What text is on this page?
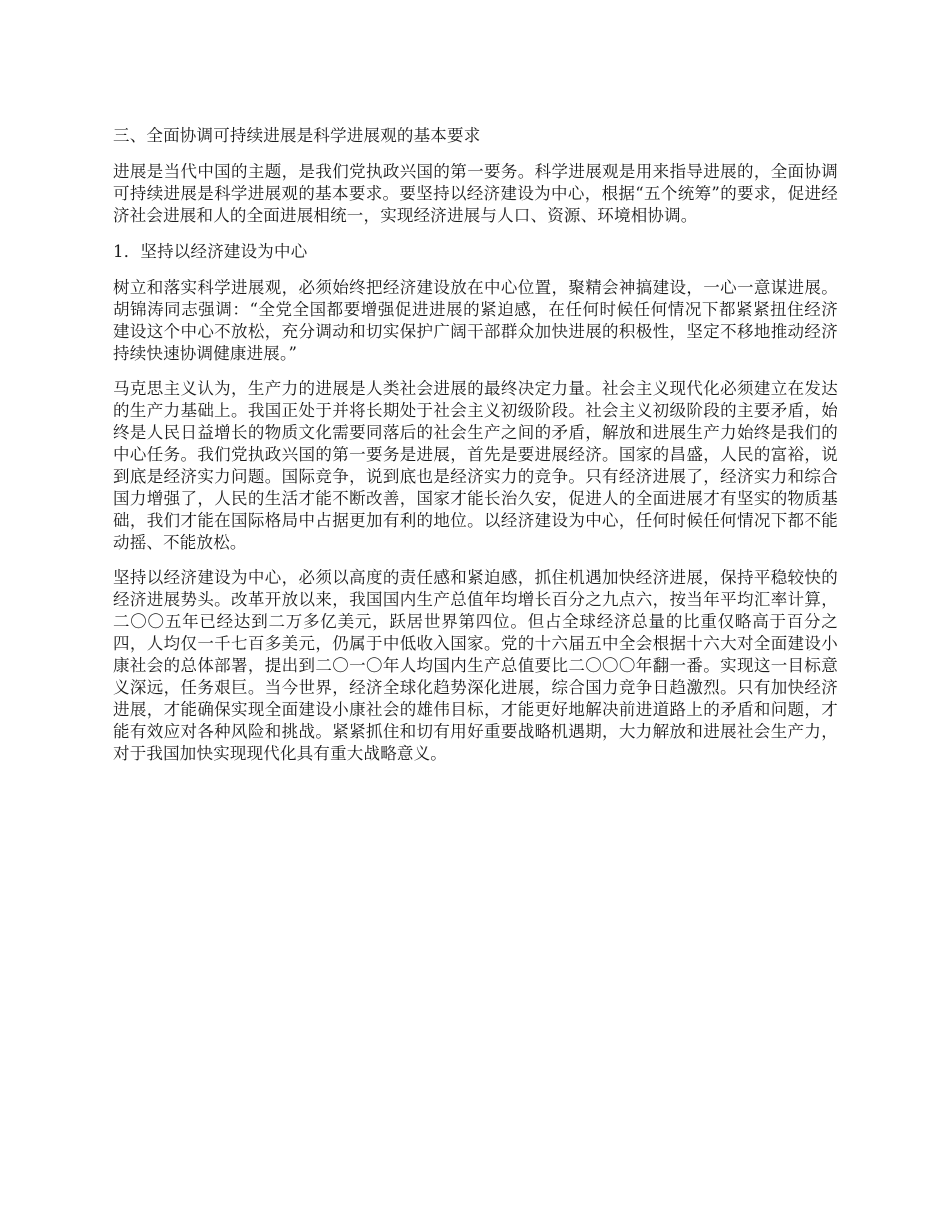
三、全面协调可持续进展是科学进展观的基本要求

进展是当代中国的主题，是我们党执政兴国的第一要务。科学进展观是用来指导进展的，全面协调可持续进展是科学进展观的基本要求。要坚持以经济建设为中心，根据“五个统筹”的要求，促进经济社会进展和人的全面进展相统一，实现经济进展与人口、资源、环境相协调。

1．坚持以经济建设为中心

树立和落实科学进展观，必须始终把经济建设放在中心位置，聚精会神搞建设，一心一意谋进展。胡锦涛同志强调：“全党全国都要增强促进进展的紧迫感，在任何时候任何情况下都紧紧扭住经济建设这个中心不放松，充分调动和切实保护广阔干部群众加快进展的积极性，坚定不移地推动经济持续快速协调健康进展。”

马克思主义认为，生产力的进展是人类社会进展的最终决定力量。社会主义现代化必须建立在发达的生产力基础上。我国正处于并将长期处于社会主义初级阶段。社会主义初级阶段的主要矛盾，始终是人民日益增长的物质文化需要同落后的社会生产之间的矛盾，解放和进展生产力始终是我们的中心任务。我们党执政兴国的第一要务是进展，首先是要进展经济。国家的昌盛，人民的富裕，说到底是经济实力问题。国际竞争，说到底也是经济实力的竞争。只有经济进展了，经济实力和综合国力增强了，人民的生活才能不断改善，国家才能长治久安，促进人的全面进展才有坚实的物质基础，我们才能在国际格局中占据更加有利的地位。以经济建设为中心，任何时候任何情况下都不能动摇、不能放松。

坚持以经济建设为中心，必须以高度的责任感和紧迫感，抓住机遇加快经济进展，保持平稳较快的经济进展势头。改革开放以来，我国国内生产总值年均增长百分之九点六，按当年平均汇率计算，二〇〇五年已经达到二万多亿美元，跃居世界第四位。但占全球经济总量的比重仅略高于百分之四，人均仅一千七百多美元，仍属于中低收入国家。党的十六届五中全会根据十六大对全面建设小康社会的总体部署，提出到二〇一〇年人均国内生产总值要比二〇〇〇年翻一番。实现这一目标意义深远，任务艰巨。当今世界，经济全球化趋势深化进展，综合国力竞争日趋激烈。只有加快经济进展，才能确保实现全面建设小康社会的雄伟目标，才能更好地解决前进道路上的矛盾和问题，才能有效应对各种风险和挑战。紧紧抓住和切有用好重要战略机遇期，大力解放和进展社会生产力，对于我国加快实现现代化具有重大战略意义。
